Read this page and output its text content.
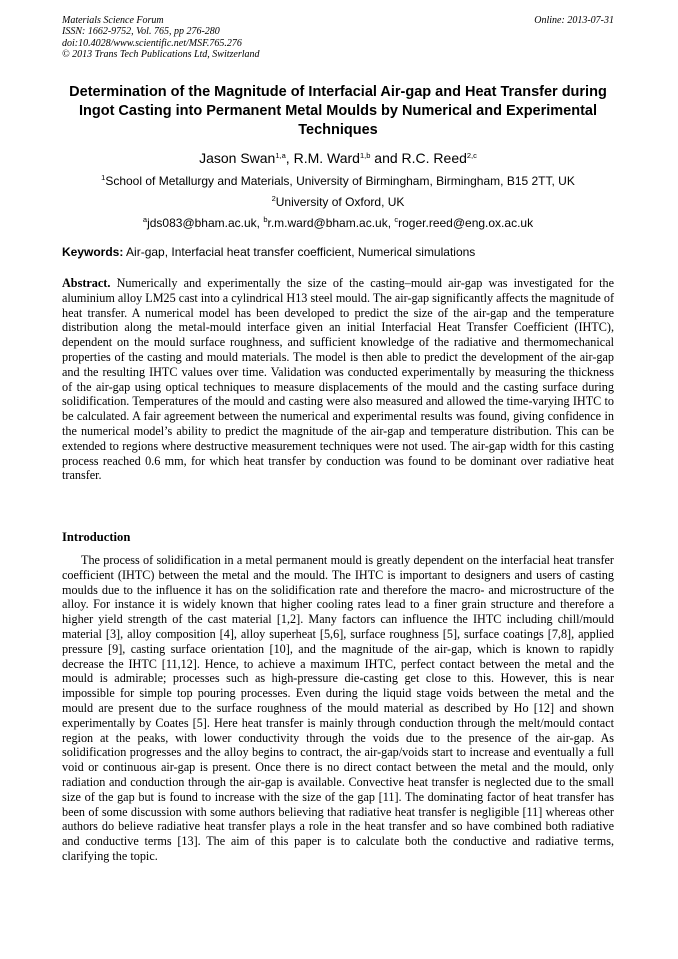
Materials Science Forum
ISSN: 1662-9752, Vol. 765, pp 276-280
doi:10.4028/www.scientific.net/MSF.765.276
© 2013 Trans Tech Publications Ltd, Switzerland
Online: 2013-07-31
Determination of the Magnitude of Interfacial Air-gap and Heat Transfer during Ingot Casting into Permanent Metal Moulds by Numerical and Experimental Techniques
Jason Swan$^{1,a}$, R.M. Ward$^{1,b}$ and R.C. Reed$^{2,c}$
$^1$School of Metallurgy and Materials, University of Birmingham, Birmingham, B15 2TT, UK
$^2$University of Oxford, UK
$^a$jds083@bham.ac.uk, $^b$r.m.ward@bham.ac.uk, $^c$roger.reed@eng.ox.ac.uk
Keywords: Air-gap, Interfacial heat transfer coefficient, Numerical simulations

Abstract. Numerically and experimentally the size of the casting–mould air-gap was investigated for the aluminium alloy LM25 cast into a cylindrical H13 steel mould. The air-gap significantly affects the magnitude of heat transfer. A numerical model has been developed to predict the size of the air-gap and the temperature distribution along the metal-mould interface given an initial Interfacial Heat Transfer Coefficient (IHTC), dependent on the mould surface roughness, and sufficient knowledge of the radiative and thermomechanical properties of the casting and mould materials. The model is then able to predict the development of the air-gap and the resulting IHTC values over time. Validation was conducted experimentally by measuring the thickness of the air-gap using optical techniques to measure displacements of the mould and the casting surface during solidification. Temperatures of the mould and casting were also measured and allowed the time-varying IHTC to be calculated. A fair agreement between the numerical and experimental results was found, giving confidence in the numerical model’s ability to predict the magnitude of the air-gap and temperature distribution. This can be extended to regions where destructive measurement techniques were not used. The air-gap width for this casting process reached 0.6 mm, for which heat transfer by conduction was found to be dominant over radiative heat transfer.

Introduction

The process of solidification in a metal permanent mould is greatly dependent on the interfacial heat transfer coefficient (IHTC) between the metal and the mould. The IHTC is important to designers and users of casting moulds due to the influence it has on the solidification rate and therefore the macro- and microstructure of the alloy. For instance it is widely known that higher cooling rates lead to a finer grain structure and therefore a higher yield strength of the cast material [1,2]. Many factors can influence the IHTC including chill/mould material [3], alloy composition [4], alloy superheat [5,6], surface roughness [5], surface coatings [7,8], applied pressure [9], casting surface orientation [10], and the magnitude of the air-gap, which is known to rapidly decrease the IHTC [11,12]. Hence, to achieve a maximum IHTC, perfect contact between the metal and the mould is admirable; processes such as high-pressure die-casting get close to this. However, this is near impossible for simple top pouring processes. Even during the liquid stage voids between the metal and the mould are present due to the surface roughness of the mould material as described by Ho [12] and shown experimentally by Coates [5]. Here heat transfer is mainly through conduction through the melt/mould contact region at the peaks, with lower conductivity through the voids due to the presence of the air-gap. As solidification progresses and the alloy begins to contract, the air-gap/voids start to increase and eventually a full void or continuous air-gap is present. Once there is no direct contact between the metal and the mould, only radiation and conduction through the air-gap is available. Convective heat transfer is neglected due to the small size of the gap but is found to increase with the size of the gap [11]. The dominating factor of heat transfer has been of some discussion with some authors believing that radiative heat transfer is negligible [11] whereas other authors do believe radiative heat transfer plays a role in the heat transfer and so have combined both radiative and conductive terms [13]. The aim of this paper is to calculate both the conductive and radiative terms, clarifying the topic.
